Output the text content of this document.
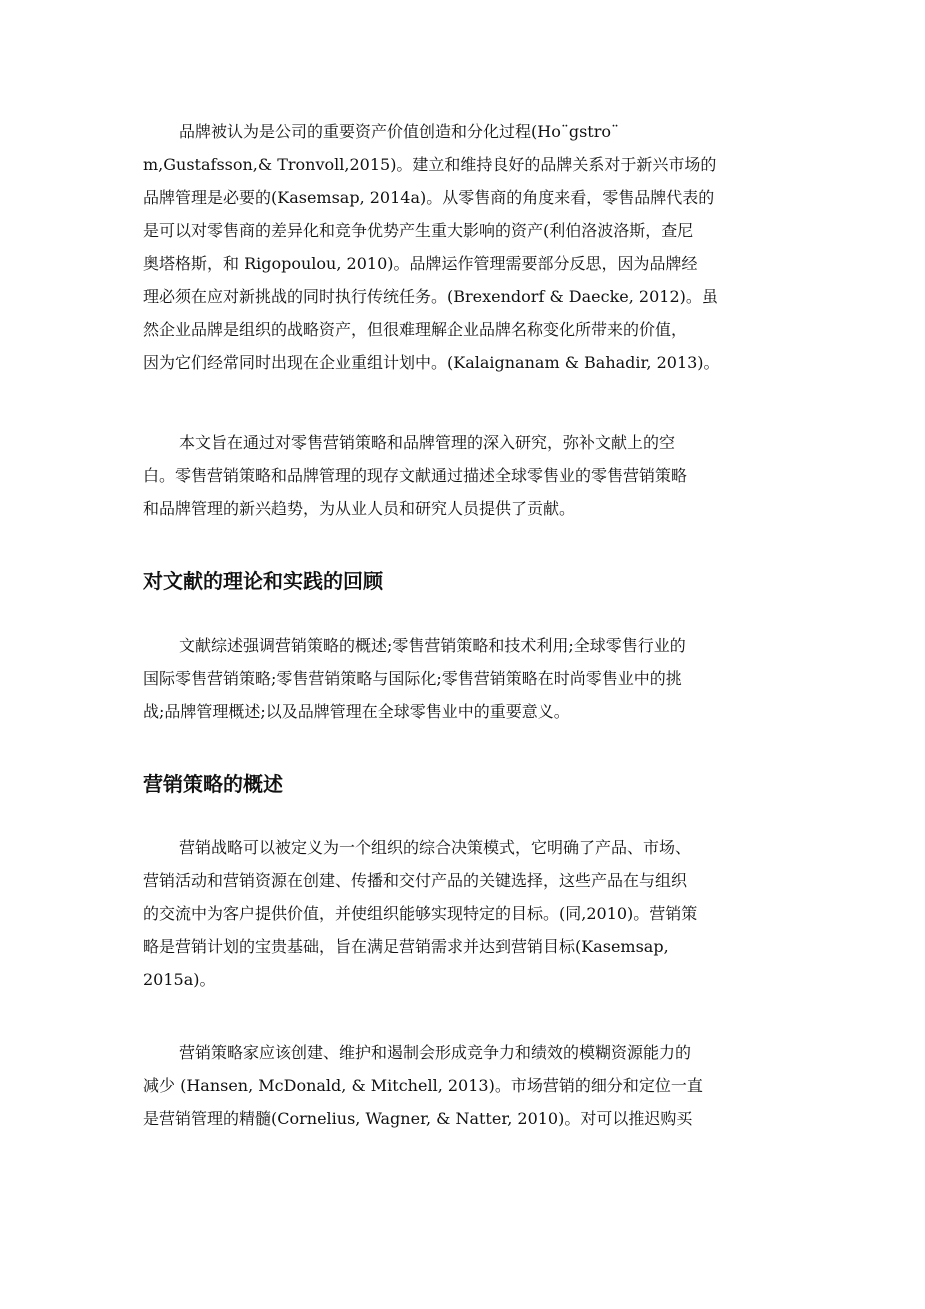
品牌被认为是公司的重要资产价值创造和分化过程(Ho¨gstro¨
m,Gustafsson,& Tronvoll,2015)。建立和维持良好的品牌关系对于新兴市场的
品牌管理是必要的(Kasemsap, 2014a)。从零售商的角度来看，零售品牌代表的
是可以对零售商的差异化和竞争优势产生重大影响的资产(利伯洛波洛斯，查尼
奥塔格斯，和 Rigopoulou, 2010)。品牌运作管理需要部分反思，因为品牌经
理必须在应对新挑战的同时执行传统任务。(Brexendorf & Daecke, 2012)。虽
然企业品牌是组织的战略资产，但很难理解企业品牌名称变化所带来的价值，
因为它们经常同时出现在企业重组计划中。(Kalaignanam & Bahadir, 2013)。
本文旨在通过对零售营销策略和品牌管理的深入研究，弥补文献上的空
白。零售营销策略和品牌管理的现存文献通过描述全球零售业的零售营销策略
和品牌管理的新兴趋势，为从业人员和研究人员提供了贡献。
对文献的理论和实践的回顾
文献综述强调营销策略的概述;零售营销策略和技术利用;全球零售行业的
国际零售营销策略;零售营销策略与国际化;零售营销策略在时尚零售业中的挑
战;品牌管理概述;以及品牌管理在全球零售业中的重要意义。
营销策略的概述
营销战略可以被定义为一个组织的综合决策模式，它明确了产品、市场、
营销活动和营销资源在创建、传播和交付产品的关键选择，这些产品在与组织
的交流中为客户提供价值，并使组织能够实现特定的目标。(同,2010)。营销策
略是营销计划的宝贵基础，旨在满足营销需求并达到营销目标(Kasemsap,
2015a)。
营销策略家应该创建、维护和遏制会形成竞争力和绩效的模糊资源能力的
减少 (Hansen, McDonald, & Mitchell, 2013)。市场营销的细分和定位一直
是营销管理的精髓(Cornelius, Wagner, & Natter, 2010)。对可以推迟购买
